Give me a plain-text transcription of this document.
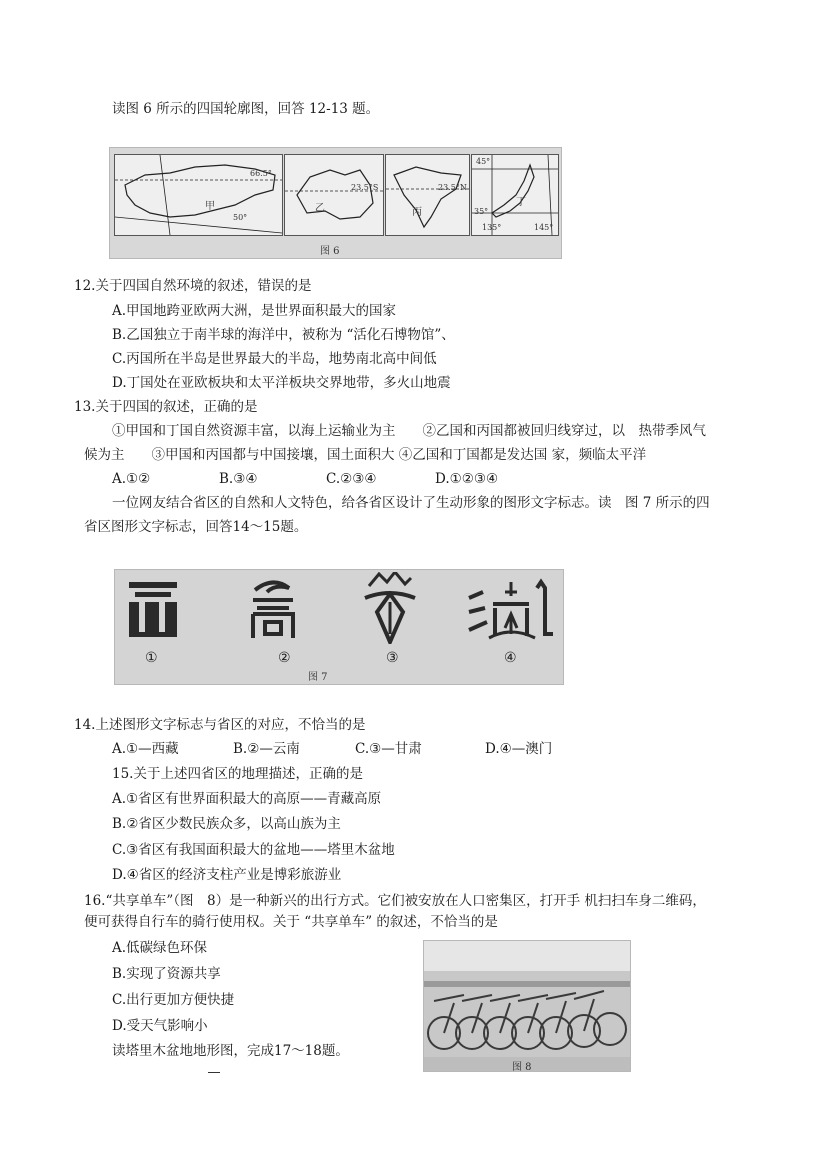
读图 6 所示的四国轮廓图，回答 12-13 题。
甲
66.5°
50°
乙
23.5°S
丙
23.5°N
丁
45°
35°
135°	145°
图 6
12.关于四国自然环境的叙述，错误的是
A.甲国地跨亚欧两大洲，是世界面积最大的国家
B.乙国独立于南半球的海洋中，被称为 “活化石博物馆”、
C.丙国所在半岛是世界最大的半岛，地势南北高中间低
D.丁国处在亚欧板块和太平洋板块交界地带，多火山地震
13.关于四国的叙述，正确的是
①甲国和丁国自然资源丰富，以海上运输业为主　　②乙国和丙国都被回归线穿过，以　热带季风气
候为主　　③甲国和丙国都与中国接壤，国土面积大 ④乙国和丁国都是发达国 家，频临太平洋
A.①②	B.③④	C.②③④	D.①②③④
一位网友结合省区的自然和人文特色，给各省区设计了生动形象的图形文字标志。读　图 7 所示的四
省区图形文字标志，回答14～15题。
①	②	③	④
图 7
14.上述图形文字标志与省区的对应，不恰当的是
A.①—西藏	B.②—云南	C.③—甘肃	D.④—澳门
15.关于上述四省区的地理描述，正确的是
A.①省区有世界面积最大的高原——青藏高原
B.②省区少数民族众多，以高山族为主
C.③省区有我国面积最大的盆地——塔里木盆地
D.④省区的经济支柱产业是博彩旅游业
16.“共享单车”（图　8）是一种新兴的出行方式。它们被安放在人口密集区，打开手 机扫扫车身二维码，
便可获得自行车的骑行使用权。关于 “共享单车” 的叙述，不恰当的是
A.低碳绿色环保
B.实现了资源共享
C.出行更加方便快捷
D.受天气影响小
读塔里木盆地地形图，完成17～18题。
图 8
